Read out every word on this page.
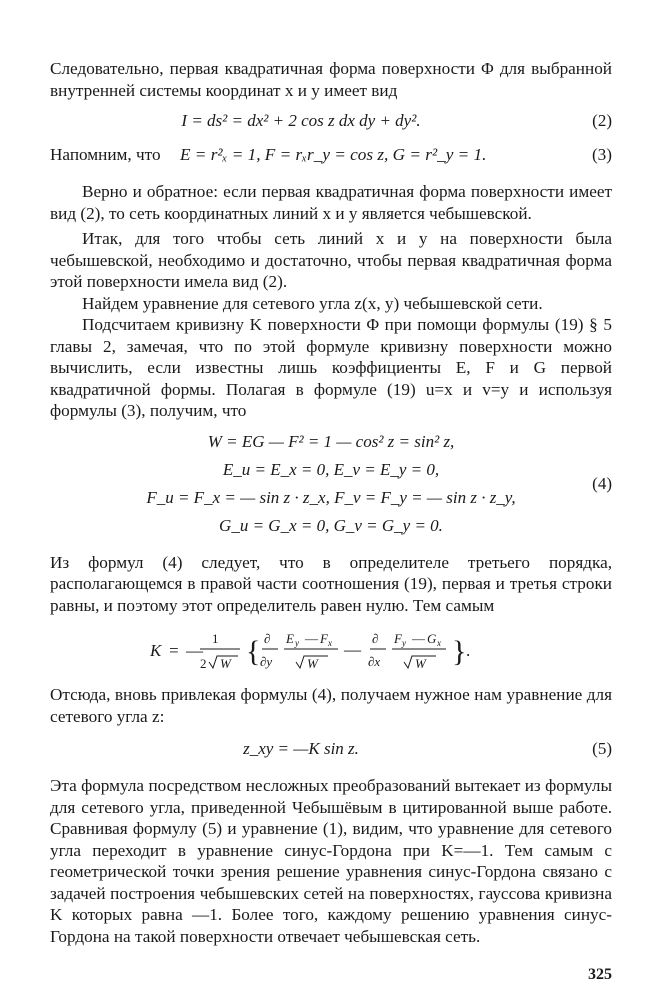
Следовательно, первая квадратичная форма поверхности Φ для выбранной внутренней системы координат x и y имеет вид

I = ds² = dx² + 2 cos z dx dy + dy².	(2)
Напомним, что E = r²ₓ = 1, F = rₓr_y = cos z, G = r²_y = 1.	(3)

Верно и обратное: если первая квадратичная форма поверхности имеет вид (2), то сеть координатных линий x и y является чебышевской.

Итак, для того чтобы сеть линий x и y на поверхности была чебышевской, необходимо и достаточно, чтобы первая квадратичная форма этой поверхности имела вид (2).

Найдем уравнение для сетевого угла z(x, y) чебышевской сети.

Подсчитаем кривизну K поверхности Φ при помощи формулы (19) § 5 главы 2, замечая, что по этой формуле кривизну поверхности можно вычислить, если известны лишь коэффициенты E, F и G первой квадратичной формы. Полагая в формуле (19) u=x и v=y и используя формулы (3), получим, что

W = EG — F² = 1 — cos² z = sin² z,
E_u = E_x = 0, E_v = E_y = 0,
F_u = F_x = — sin z · z_x, F_v = F_y = — sin z · z_y,
G_u = G_x = 0, G_v = G_y = 0.
(4)

Из формул (4) следует, что в определителе третьего порядка, располагающемся в правой части соотношения (19), первая и третья строки равны, и поэтому этот определитель равен нулю. Тем самым

K = —
1
2 W { ∂
∂y
E y — F x
W
—
∂
∂x
F y — G x
W } .

Отсюда, вновь привлекая формулы (4), получаем нужное нам уравнение для сетевого угла z:

z_xy = —K sin z.	(5)

Эта формула посредством несложных преобразований вытекает из формулы для сетевого угла, приведенной Чебышёвым в цитированной выше работе. Сравнивая формулу (5) и уравнение (1), видим, что уравнение для сетевого угла переходит в уравнение синус-Гордона при K=—1. Тем самым с геометрической точки зрения решение уравнения синус-Гордона связано с задачей построения чебышевских сетей на поверхностях, гауссова кривизна K которых равна —1. Более того, каждому решению уравнения синус-Гордона на такой поверхности отвечает чебышевская сеть.

325
